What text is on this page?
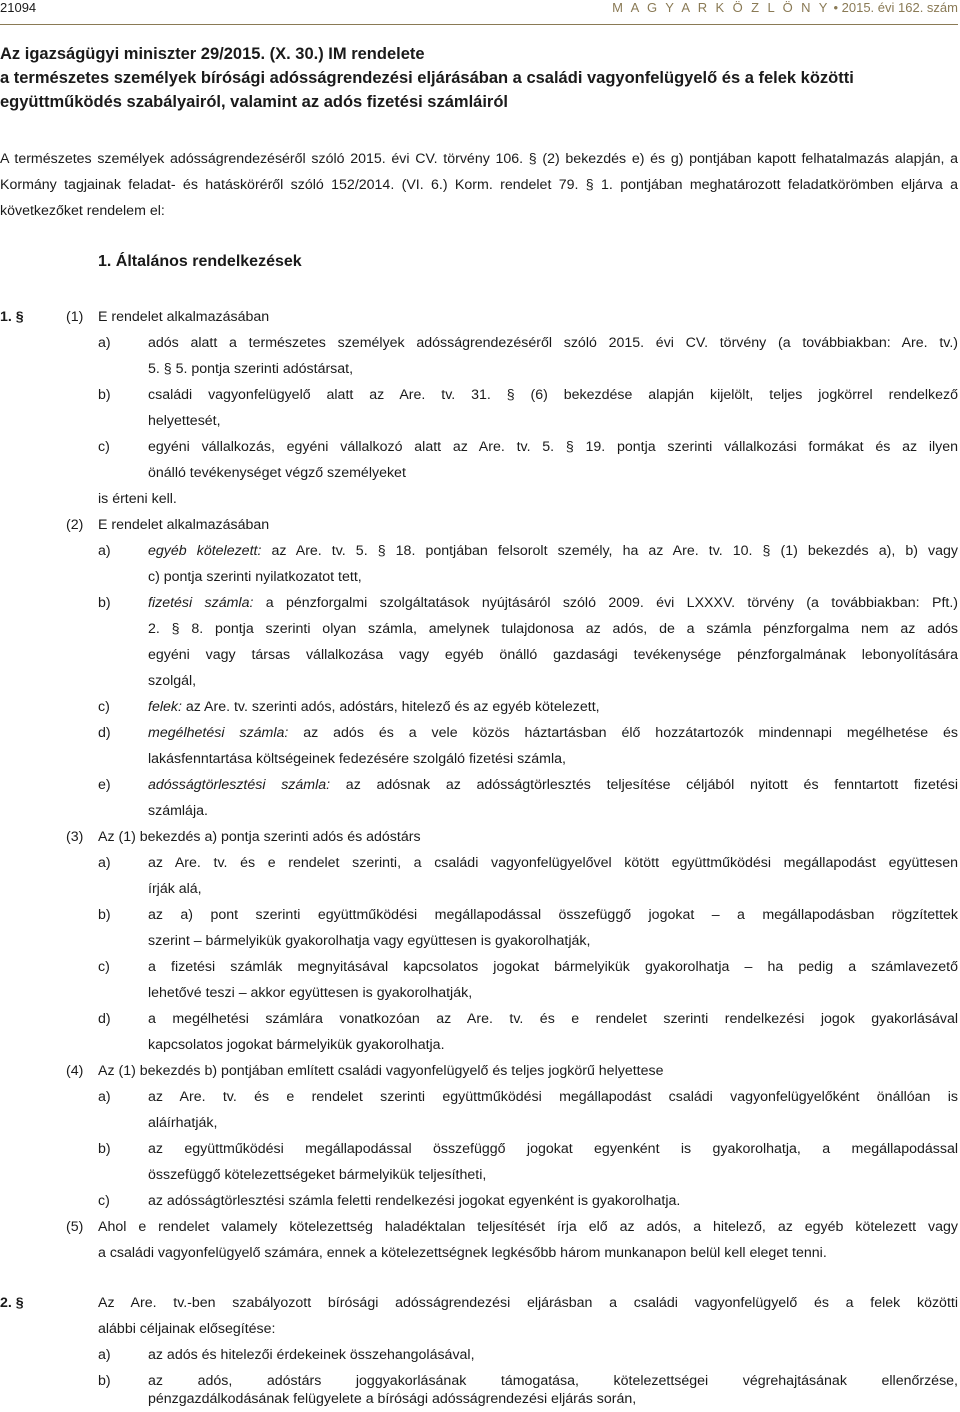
21094	M A G Y A R K Ö Z L Ö N Y • 2015. évi 162. szám
Az igazságügyi miniszter 29/2015. (X. 30.) IM rendelete
a természetes személyek bírósági adósságrendezési eljárásában a családi vagyonfelügyelő és a felek közötti
együttműködés szabályairól, valamint az adós fizetési számláiról
A természetes személyek adósságrendezéséről szóló 2015. évi CV. törvény 106. § (2) bekezdés e) és g) pontjában kapott felhatalmazás alapján, a Kormány tagjainak feladat- és hatásköréről szóló 152/2014. (VI. 6.) Korm. rendelet 79. § 1. pontjában meghatározott feladatkörömben eljárva a következőket rendelem el:
1. Általános rendelkezések
1. §	(1) E rendelet alkalmazásában
a)	adós alatt a természetes személyek adósságrendezéséről szóló 2015. évi CV. törvény (a továbbiakban: Are. tv.)
5. § 5. pontja szerinti adóstársat,
b)	családi vagyonfelügyelő alatt az Are. tv. 31. § (6) bekezdése alapján kijelölt, teljes jogkörrel rendelkező
helyettesét,
c)	egyéni vállalkozás, egyéni vállalkozó alatt az Are. tv. 5. § 19. pontja szerinti vállalkozási formákat és az ilyen
önálló tevékenységet végző személyeket
is érteni kell.
(2) E rendelet alkalmazásában
a)	egyéb kötelezett: az Are. tv. 5. § 18. pontjában felsorolt személy, ha az Are. tv. 10. § (1) bekezdés a), b) vagy
c) pontja szerinti nyilatkozatot tett,
b)	fizetési számla: a pénzforgalmi szolgáltatások nyújtásáról szóló 2009. évi LXXXV. törvény (a továbbiakban: Pft.)
2. § 8. pontja szerinti olyan számla, amelynek tulajdonosa az adós, de a számla pénzforgalma nem az adós
egyéni vagy társas vállalkozása vagy egyéb önálló gazdasági tevékenysége pénzforgalmának lebonyolítására
szolgál,
c)	felek: az Are. tv. szerinti adós, adóstárs, hitelező és az egyéb kötelezett,
d)	megélhetési számla: az adós és a vele közös háztartásban élő hozzátartozók mindennapi megélhetése és
lakásfenntartása költségeinek fedezésére szolgáló fizetési számla,
e)	adósságtörlesztési számla: az adósnak az adósságtörlesztés teljesítése céljából nyitott és fenntartott fizetési
számlája.
(3) Az (1) bekezdés a) pontja szerinti adós és adóstárs
a)	az Are. tv. és e rendelet szerinti, a családi vagyonfelügyelővel kötött együttműködési megállapodást együttesen
írják alá,
b)	az a) pont szerinti együttműködési megállapodással összefüggő jogokat – a megállapodásban rögzítettek
szerint – bármelyikük gyakorolhatja vagy együttesen is gyakorolhatják,
c)	a fizetési számlák megnyitásával kapcsolatos jogokat bármelyikük gyakorolhatja – ha pedig a számlavezető
lehetővé teszi – akkor együttesen is gyakorolhatják,
d)	a megélhetési számlára vonatkozóan az Are. tv. és e rendelet szerinti rendelkezési jogok gyakorlásával
kapcsolatos jogokat bármelyikük gyakorolhatja.
(4) Az (1) bekezdés b) pontjában említett családi vagyonfelügyelő és teljes jogkörű helyettese
a)	az Are. tv. és e rendelet szerinti együttműködési megállapodást családi vagyonfelügyelőként önállóan is
aláírhatják,
b)	az együttműködési megállapodással összefüggő jogokat egyenként is gyakorolhatja, a megállapodással
összefüggő kötelezettségeket bármelyikük teljesítheti,
c)	az adósságtörlesztési számla feletti rendelkezési jogokat egyenként is gyakorolhatja.
(5) Ahol e rendelet valamely kötelezettség haladéktalan teljesítését írja elő az adós, a hitelező, az egyéb kötelezett vagy
a családi vagyonfelügyelő számára, ennek a kötelezettségnek legkésőbb három munkanapon belül kell eleget tenni.
2. §	Az Are. tv.-ben szabályozott bírósági adósságrendezési eljárásban a családi vagyonfelügyelő és a felek közötti
alábbi céljainak elősegítése:
a)	az adós és hitelezői érdekeinek összehangolásával,
b)	az adós, adóstárs joggyakorlásának támogatása, kötelezettségei végrehajtásának ellenőrzése,
pénzgazdálkodásának felügyelete a bírósági adósságrendezési eljárás során,
